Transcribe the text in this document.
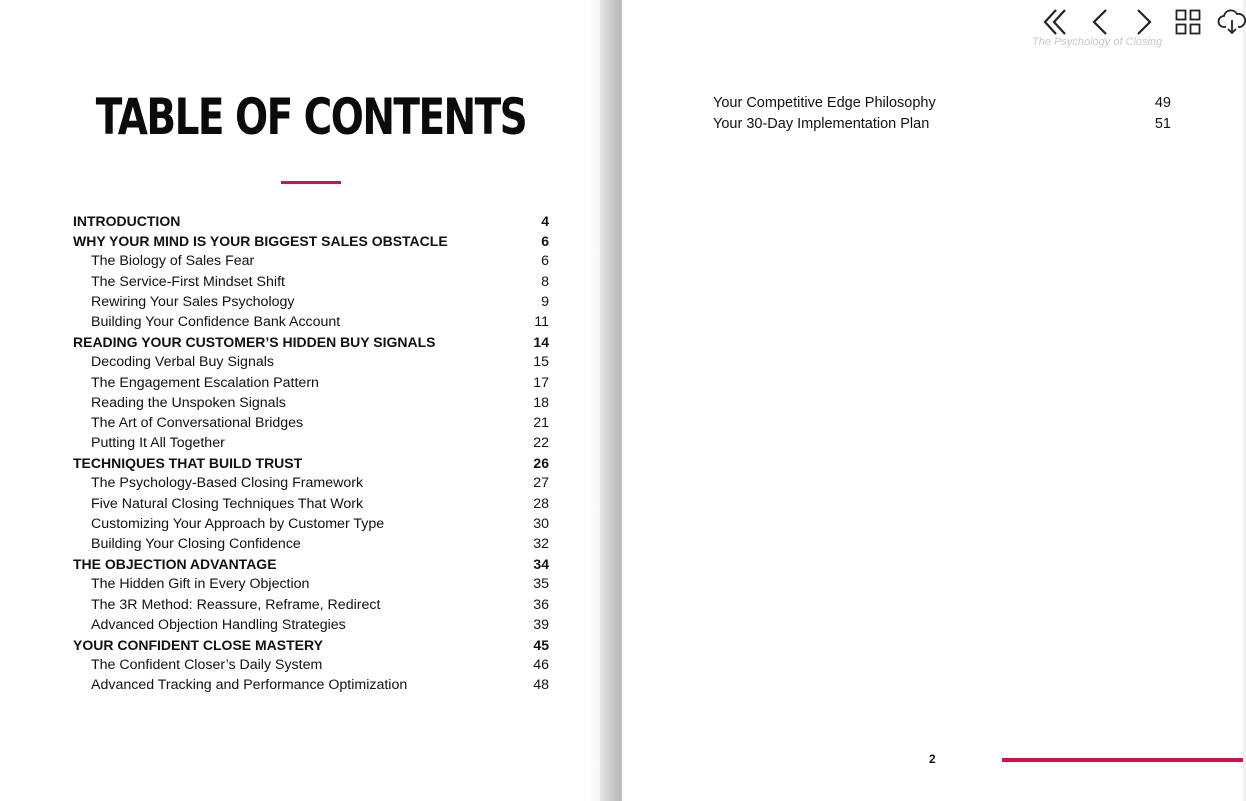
TABLE OF CONTENTS
INTRODUCTION	4
WHY YOUR MIND IS YOUR BIGGEST SALES OBSTACLE	6
The Biology of Sales Fear	6
The Service-First Mindset Shift	8
Rewiring Your Sales Psychology	9
Building Your Confidence Bank Account	11
READING YOUR CUSTOMER’S HIDDEN BUY SIGNALS	14
Decoding Verbal Buy Signals	15
The Engagement Escalation Pattern	17
Reading the Unspoken Signals	18
The Art of Conversational Bridges	21
Putting It All Together	22
TECHNIQUES THAT BUILD TRUST	26
The Psychology-Based Closing Framework	27
Five Natural Closing Techniques That Work	28
Customizing Your Approach by Customer Type	30
Building Your Closing Confidence	32
THE OBJECTION ADVANTAGE	34
The Hidden Gift in Every Objection	35
The 3R Method: Reassure, Reframe, Redirect	36
Advanced Objection Handling Strategies	39
YOUR CONFIDENT CLOSE MASTERY	45
The Confident Closer’s Daily System	46
Advanced Tracking and Performance Optimization	48
The Psychology of Closing
Your Competitive Edge Philosophy	49
Your 30-Day Implementation Plan	51
2
